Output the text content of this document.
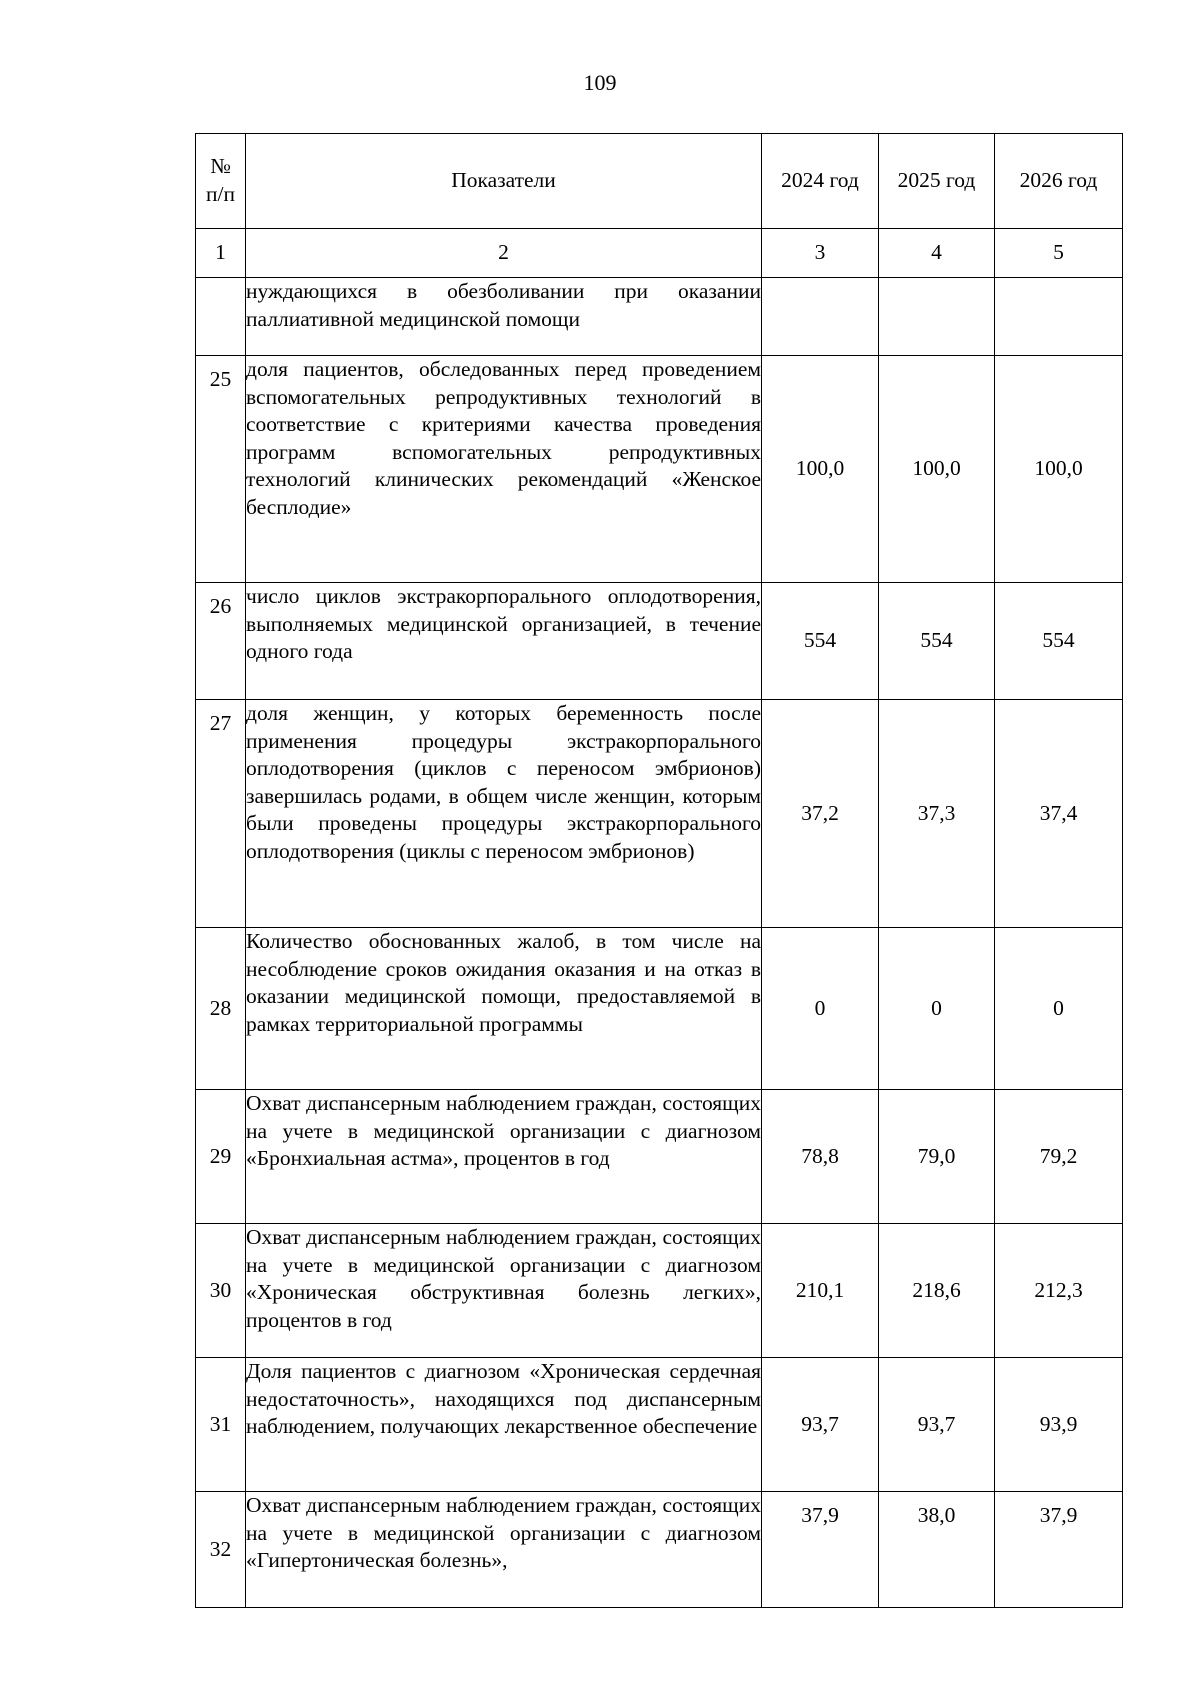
109
№
п/п	Показатели	2024 год	2025 год	2026 год
1	2	3	4	5
	нуждающихся в обезболивании при оказании паллиативной медицинской помощи			
25	доля пациентов, обследованных перед проведением вспомогательных репродуктивных технологий в соответствие с критериями качества проведения программ вспомогательных репродуктивных технологий клинических рекомендаций «Женское бесплодие»	100,0	100,0	100,0
26	число циклов экстракорпорального оплодотворения, выполняемых медицинской организацией, в течение одного года	554	554	554
27	доля женщин, у которых беременность после применения процедуры экстракорпорального оплодотворения (циклов с переносом эмбрионов) завершилась родами, в общем числе женщин, которым были проведены процедуры экстракорпорального оплодотворения (циклы с переносом эмбрионов)	37,2	37,3	37,4
28	Количество обоснованных жалоб, в том числе на несоблюдение сроков ожидания оказания и на отказ в оказании медицинской помощи, предоставляемой в рамках территориальной программы	0	0	0
29	Охват диспансерным наблюдением граждан, состоящих на учете в медицинской организации с диагнозом «Бронхиальная астма», процентов в год	78,8	79,0	79,2
30	Охват диспансерным наблюдением граждан, состоящих на учете в медицинской организации с диагнозом «Хроническая обструктивная болезнь легких», процентов в год	210,1	218,6	212,3
31	Доля пациентов с диагнозом «Хроническая сердечная недостаточность», находящихся под диспансерным наблюдением, получающих лекарственное обеспечение	93,7	93,7	93,9
32	Охват диспансерным наблюдением граждан, состоящих на учете в медицинской организации с диагнозом «Гипертоническая болезнь»,	37,9	38,0	37,9
